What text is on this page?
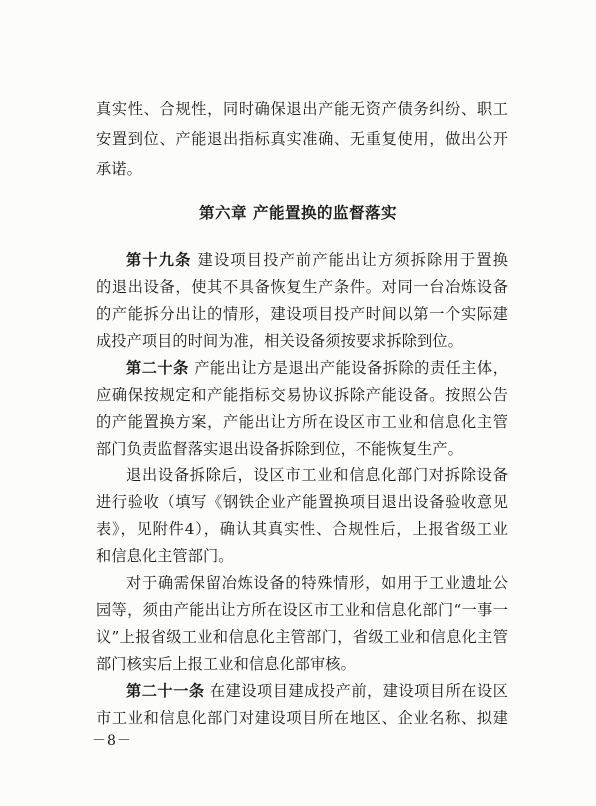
真实性、合规性，同时确保退出产能无资产债务纠纷、职工
安置到位、产能退出指标真实准确、无重复使用，做出公开
承诺。
第六章 产能置换的监督落实
第十九条 建设项目投产前产能出让方须拆除用于置换
的退出设备，使其不具备恢复生产条件。对同一台冶炼设备
的产能拆分出让的情形，建设项目投产时间以第一个实际建
成投产项目的时间为准，相关设备须按要求拆除到位。
第二十条 产能出让方是退出产能设备拆除的责任主体，
应确保按规定和产能指标交易协议拆除产能设备。按照公告
的产能置换方案，产能出让方所在设区市工业和信息化主管
部门负责监督落实退出设备拆除到位，不能恢复生产。
退出设备拆除后，设区市工业和信息化部门对拆除设备
进行验收（填写《钢铁企业产能置换项目退出设备验收意见
表》，见附件4），确认其真实性、合规性后，上报省级工业
和信息化主管部门。
对于确需保留冶炼设备的特殊情形，如用于工业遗址公
园等，须由产能出让方所在设区市工业和信息化部门“一事一
议”上报省级工业和信息化主管部门，省级工业和信息化主管
部门核实后上报工业和信息化部审核。
第二十一条 在建设项目建成投产前，建设项目所在设区
市工业和信息化部门对建设项目所在地区、企业名称、拟建
－8－
